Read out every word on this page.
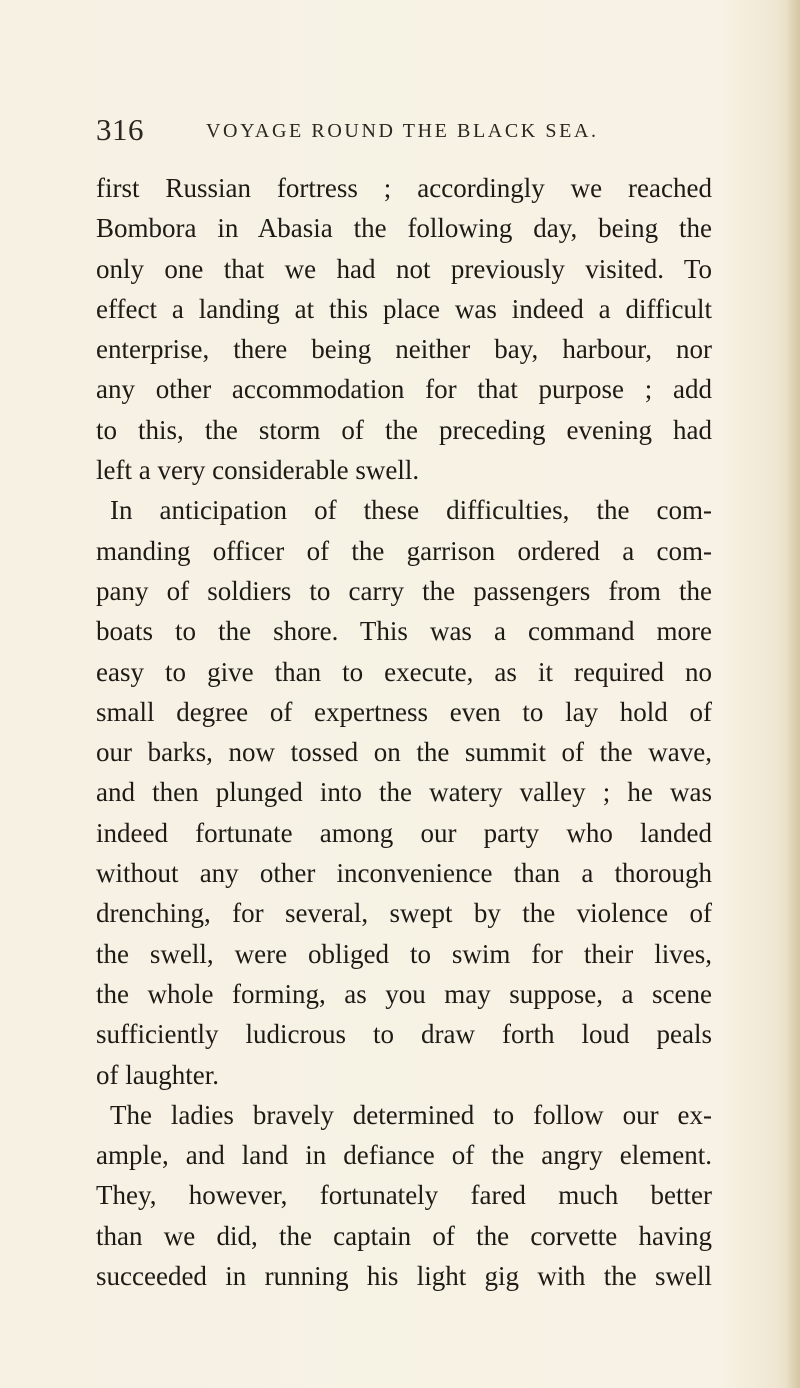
316	VOYAGE ROUND THE BLACK SEA.
first Russian fortress ; accordingly we reached
Bombora in Abasia the following day, being the
only one that we had not previously visited. To
effect a landing at this place was indeed a difficult
enterprise, there being neither bay, harbour, nor
any other accommodation for that purpose ; add
to this, the storm of the preceding evening had
left a very considerable swell.
In anticipation of these difficulties, the com-
manding officer of the garrison ordered a com-
pany of soldiers to carry the passengers from the
boats to the shore. This was a command more
easy to give than to execute, as it required no
small degree of expertness even to lay hold of
our barks, now tossed on the summit of the wave,
and then plunged into the watery valley ; he was
indeed fortunate among our party who landed
without any other inconvenience than a thorough
drenching, for several, swept by the violence of
the swell, were obliged to swim for their lives,
the whole forming, as you may suppose, a scene
sufficiently ludicrous to draw forth loud peals
of laughter.
The ladies bravely determined to follow our ex-
ample, and land in defiance of the angry element.
They, however, fortunately fared much better
than we did, the captain of the corvette having
succeeded in running his light gig with the swell
